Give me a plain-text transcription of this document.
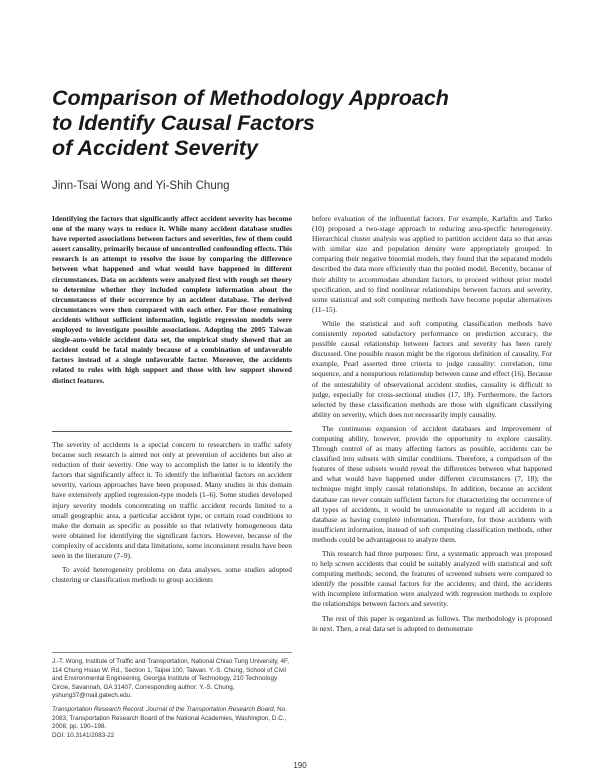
Comparison of Methodology Approach
to Identify Causal Factors
of Accident Severity
Jinn-Tsai Wong and Yi-Shih Chung

Identifying the factors that significantly affect accident severity has become one of the many ways to reduce it. While many accident database studies have reported associations between factors and severities, few of them could assert causality, primarily because of uncontrolled confounding effects. This research is an attempt to resolve the issue by comparing the difference between what happened and what would have happened in different circumstances. Data on accidents were analyzed first with rough set theory to determine whether they included complete information about the circumstances of their occurrence by an accident database. The derived circumstances were then compared with each other. For those remaining accidents without sufficient information, logistic regression models were employed to investigate possible associations. Adopting the 2005 Taiwan single-auto-vehicle accident data set, the empirical study showed that an accident could be fatal mainly because of a combination of unfavorable factors instead of a single unfavorable factor. Moreover, the accidents related to rules with high support and those with low support showed distinct features.

The severity of accidents is a special concern to researchers in traffic safety because such research is aimed not only at prevention of accidents but also at reduction of their severity. One way to accomplish the latter is to identify the factors that significantly affect it. To identify the influential factors on accident severity, various approaches have been proposed. Many studies in this domain have extensively applied regression-type models (1–6). Some studies developed injury severity models concentrating on traffic accident records limited to a small geographic area, a particular accident type, or certain road conditions to make the domain as specific as possible so that relatively homogeneous data were obtained for identifying the significant factors. However, because of the complexity of accidents and data limitations, some inconsistent results have been seen in the literature (7–9).

To avoid heterogeneity problems on data analyses, some studies adopted clustering or classification methods to group accidents

J.-T. Wong, Institute of Traffic and Transportation, National Chiao Tung University, 4F, 114 Chung Hsiao W. Rd., Section 1, Taipei 100, Taiwan. Y.-S. Chung, School of Civil and Environmental Engineering, Georgia Institute of Technology, 210 Technology Circle, Savannah, GA 31407. Corresponding author: Y.-S. Chung, yshung37@mail.gatech.edu.

Transportation Research Record: Journal of the Transportation Research Board, No. 2083, Transportation Research Board of the National Academies, Washington, D.C., 2008, pp. 190–198.
DOI: 10.3141/2083-22

before evaluation of the influential factors. For example, Karlaftis and Tarko (10) proposed a two-stage approach to reducing area-specific heterogeneity. Hierarchical cluster analysis was applied to partition accident data so that areas with similar size and population density were appropriately grouped. In comparing their negative binomial models, they found that the separated models described the data more efficiently than the pooled model. Recently, because of their ability to accommodate abundant factors, to proceed without prior model specification, and to find nonlinear relationships between factors and severity, some statistical and soft computing methods have become popular alternatives (11–15).

While the statistical and soft computing classification methods have consistently reported satisfactory performance on prediction accuracy, the possible causal relationship between factors and severity has been rarely discussed. One possible reason might be the rigorous definition of causality. For example, Pearl asserted three criteria to judge causality: correlation, time sequence, and a nonspurious relationship between cause and effect (16). Because of the untestability of observational accident studies, causality is difficult to judge, especially for cross-sectional studies (17, 18). Furthermore, the factors selected by these classification methods are those with significant classifying ability on severity, which does not necessarily imply causality.

The continuous expansion of accident databases and improvement of computing ability, however, provide the opportunity to explore causality. Through control of as many affecting factors as possible, accidents can be classified into subsets with similar conditions. Therefore, a comparison of the features of these subsets would reveal the differences between what happened and what would have happened under different circumstances (7, 18); the technique might imply causal relationships. In addition, because an accident database can never contain sufficient factors for characterizing the occurrence of all types of accidents, it would be unreasonable to regard all accidents in a database as having complete information. Therefore, for those accidents with insufficient information, instead of soft computing classification methods, other methods could be advantageous to analyze them.

This research had three purposes: first, a systematic approach was proposed to help screen accidents that could be suitably analyzed with statistical and soft computing methods; second, the features of screened subsets were compared to identify the possible causal factors for the accidents; and third, the accidents with incomplete information were analyzed with regression methods to explore the relationships between factors and severity.

The rest of this paper is organized as follows. The methodology is proposed in next. Then, a real data set is adopted to demonstrate

190
